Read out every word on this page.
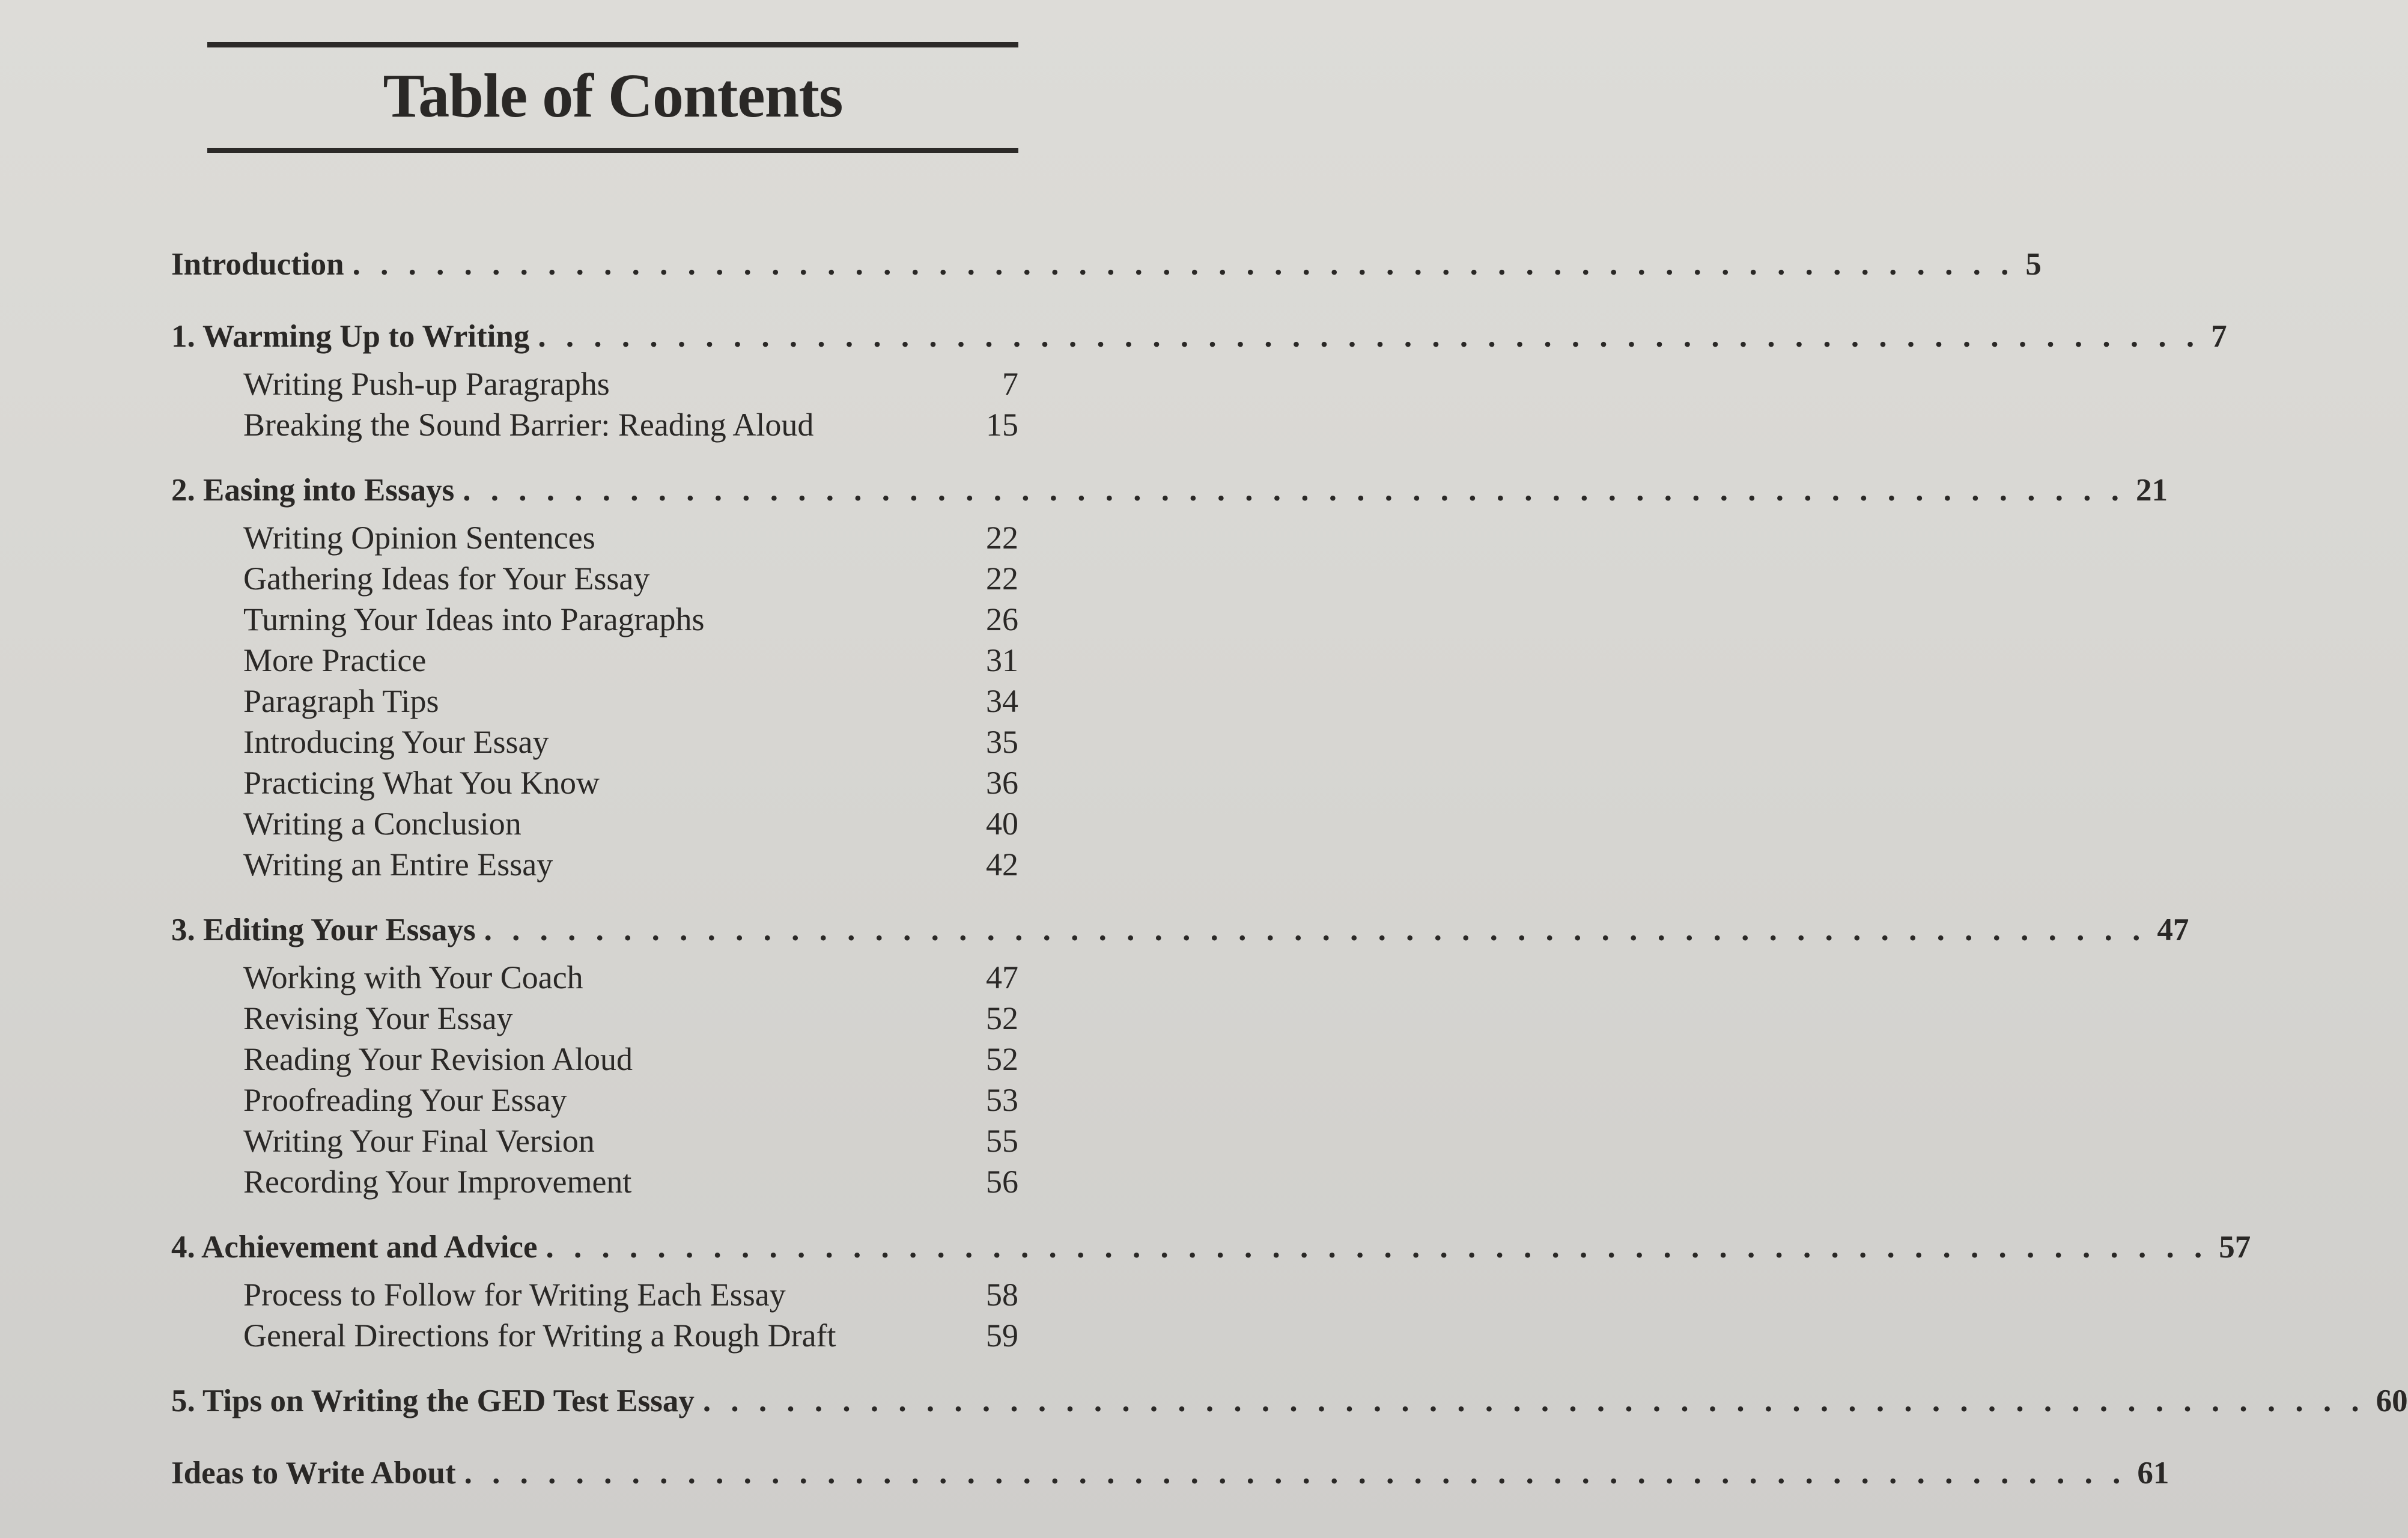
Table of Contents
Introduction . . . . . . . . . . . . . . . . . . . . . . . . . . . . . . . . . . . . . . . . . . . . . . . . . . . . . . . . . . . . 5
1. Warming Up to Writing . . . . . . . . . . . . . . . . . . . . . . . . . . . . . . . . . . . . . . . . . . . . . . . . . . . . . . . . . . . . 7
Writing Push-up Paragraphs	7
Breaking the Sound Barrier: Reading Aloud	15
2. Easing into Essays . . . . . . . . . . . . . . . . . . . . . . . . . . . . . . . . . . . . . . . . . . . . . . . . . . . . . . . . . . . . 21
Writing Opinion Sentences	22
Gathering Ideas for Your Essay	22
Turning Your Ideas into Paragraphs	26
More Practice	31
Paragraph Tips	34
Introducing Your Essay	35
Practicing What You Know	36
Writing a Conclusion	40
Writing an Entire Essay	42
3. Editing Your Essays . . . . . . . . . . . . . . . . . . . . . . . . . . . . . . . . . . . . . . . . . . . . . . . . . . . . . . . . . . . . 47
Working with Your Coach	47
Revising Your Essay	52
Reading Your Revision Aloud	52
Proofreading Your Essay	53
Writing Your Final Version	55
Recording Your Improvement	56
4. Achievement and Advice . . . . . . . . . . . . . . . . . . . . . . . . . . . . . . . . . . . . . . . . . . . . . . . . . . . . . . . . . . . . 57
Process to Follow for Writing Each Essay	58
General Directions for Writing a Rough Draft	59
5. Tips on Writing the GED Test Essay . . . . . . . . . . . . . . . . . . . . . . . . . . . . . . . . . . . . . . . . . . . . . . . . . . . . . . . . . . . . 60
Ideas to Write About . . . . . . . . . . . . . . . . . . . . . . . . . . . . . . . . . . . . . . . . . . . . . . . . . . . . . . . . . . . . 61
